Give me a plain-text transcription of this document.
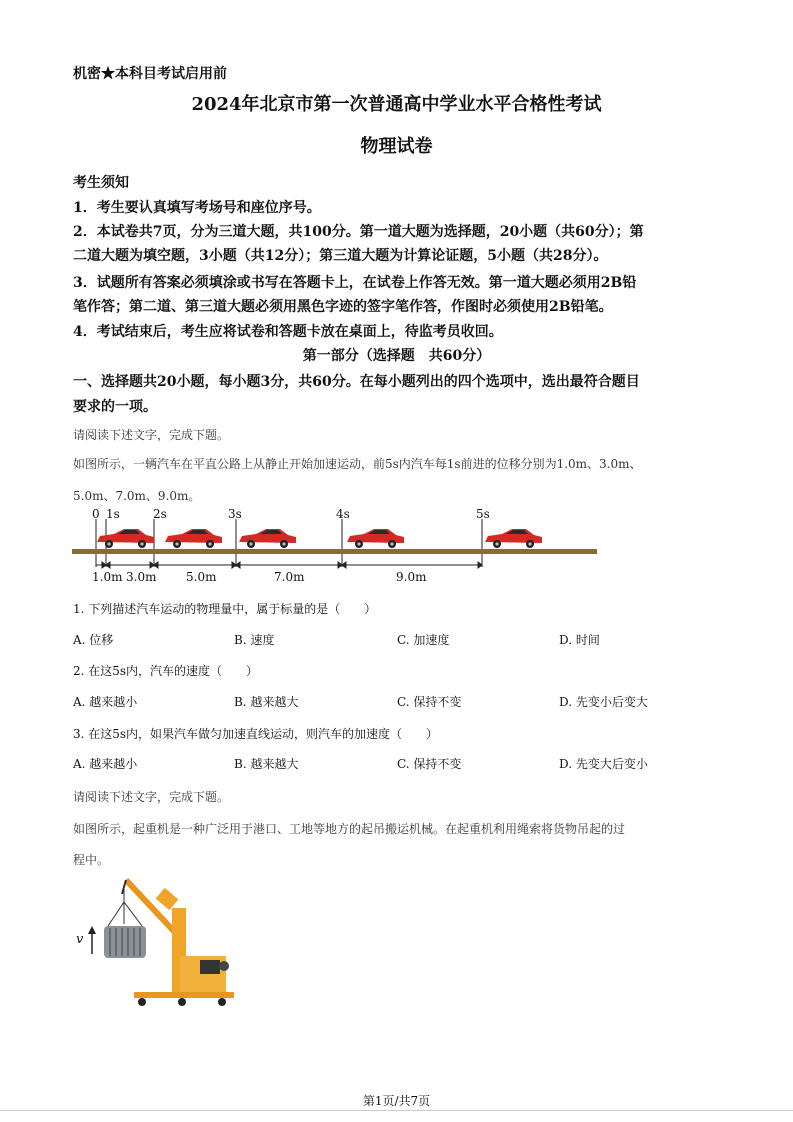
机密★本科目考试启用前
2024年北京市第一次普通高中学业水平合格性考试
物理试卷
考生须知
1．考生要认真填写考场号和座位序号。
2．本试卷共7页，分为三道大题，共100分。第一道大题为选择题，20小题（共60分）；第
二道大题为填空题，3小题（共12分）；第三道大题为计算论证题，5小题（共28分）。
3．试题所有答案必须填涂或书写在答题卡上，在试卷上作答无效。第一道大题必须用2B铅
笔作答；第二道、第三道大题必须用黑色字迹的签字笔作答，作图时必须使用2B铅笔。
4．考试结束后，考生应将试卷和答题卡放在桌面上，待监考员收回。
第一部分（选择题　共60分）
一、选择题共20小题，每小题3分，共60分。在每小题列出的四个选项中，选出最符合题目
要求的一项。
请阅读下述文字，完成下题。
如图所示，一辆汽车在平直公路上从静止开始加速运动，前5s内汽车每1s前进的位移分别为1.0m、3.0m、
5.0m、7.0m、9.0m。
0 1s	2s	3s	4s	5s
1.0m 3.0m 5.0m	7.0m	9.0m
1. 下列描述汽车运动的物理量中，属于标量的是（　　）
A. 位移	B. 速度	C. 加速度	D. 时间
2. 在这5s内，汽车的速度（　　）
A. 越来越小	B. 越来越大	C. 保持不变	D. 先变小后变大
3. 在这5s内，如果汽车做匀加速直线运动，则汽车的加速度（　　）
A. 越来越小	B. 越来越大	C. 保持不变	D. 先变大后变小
请阅读下述文字，完成下题。
如图所示，起重机是一种广泛用于港口、工地等地方的起吊搬运机械。在起重机利用绳索将货物吊起的过
程中。
v
第1页/共7页
